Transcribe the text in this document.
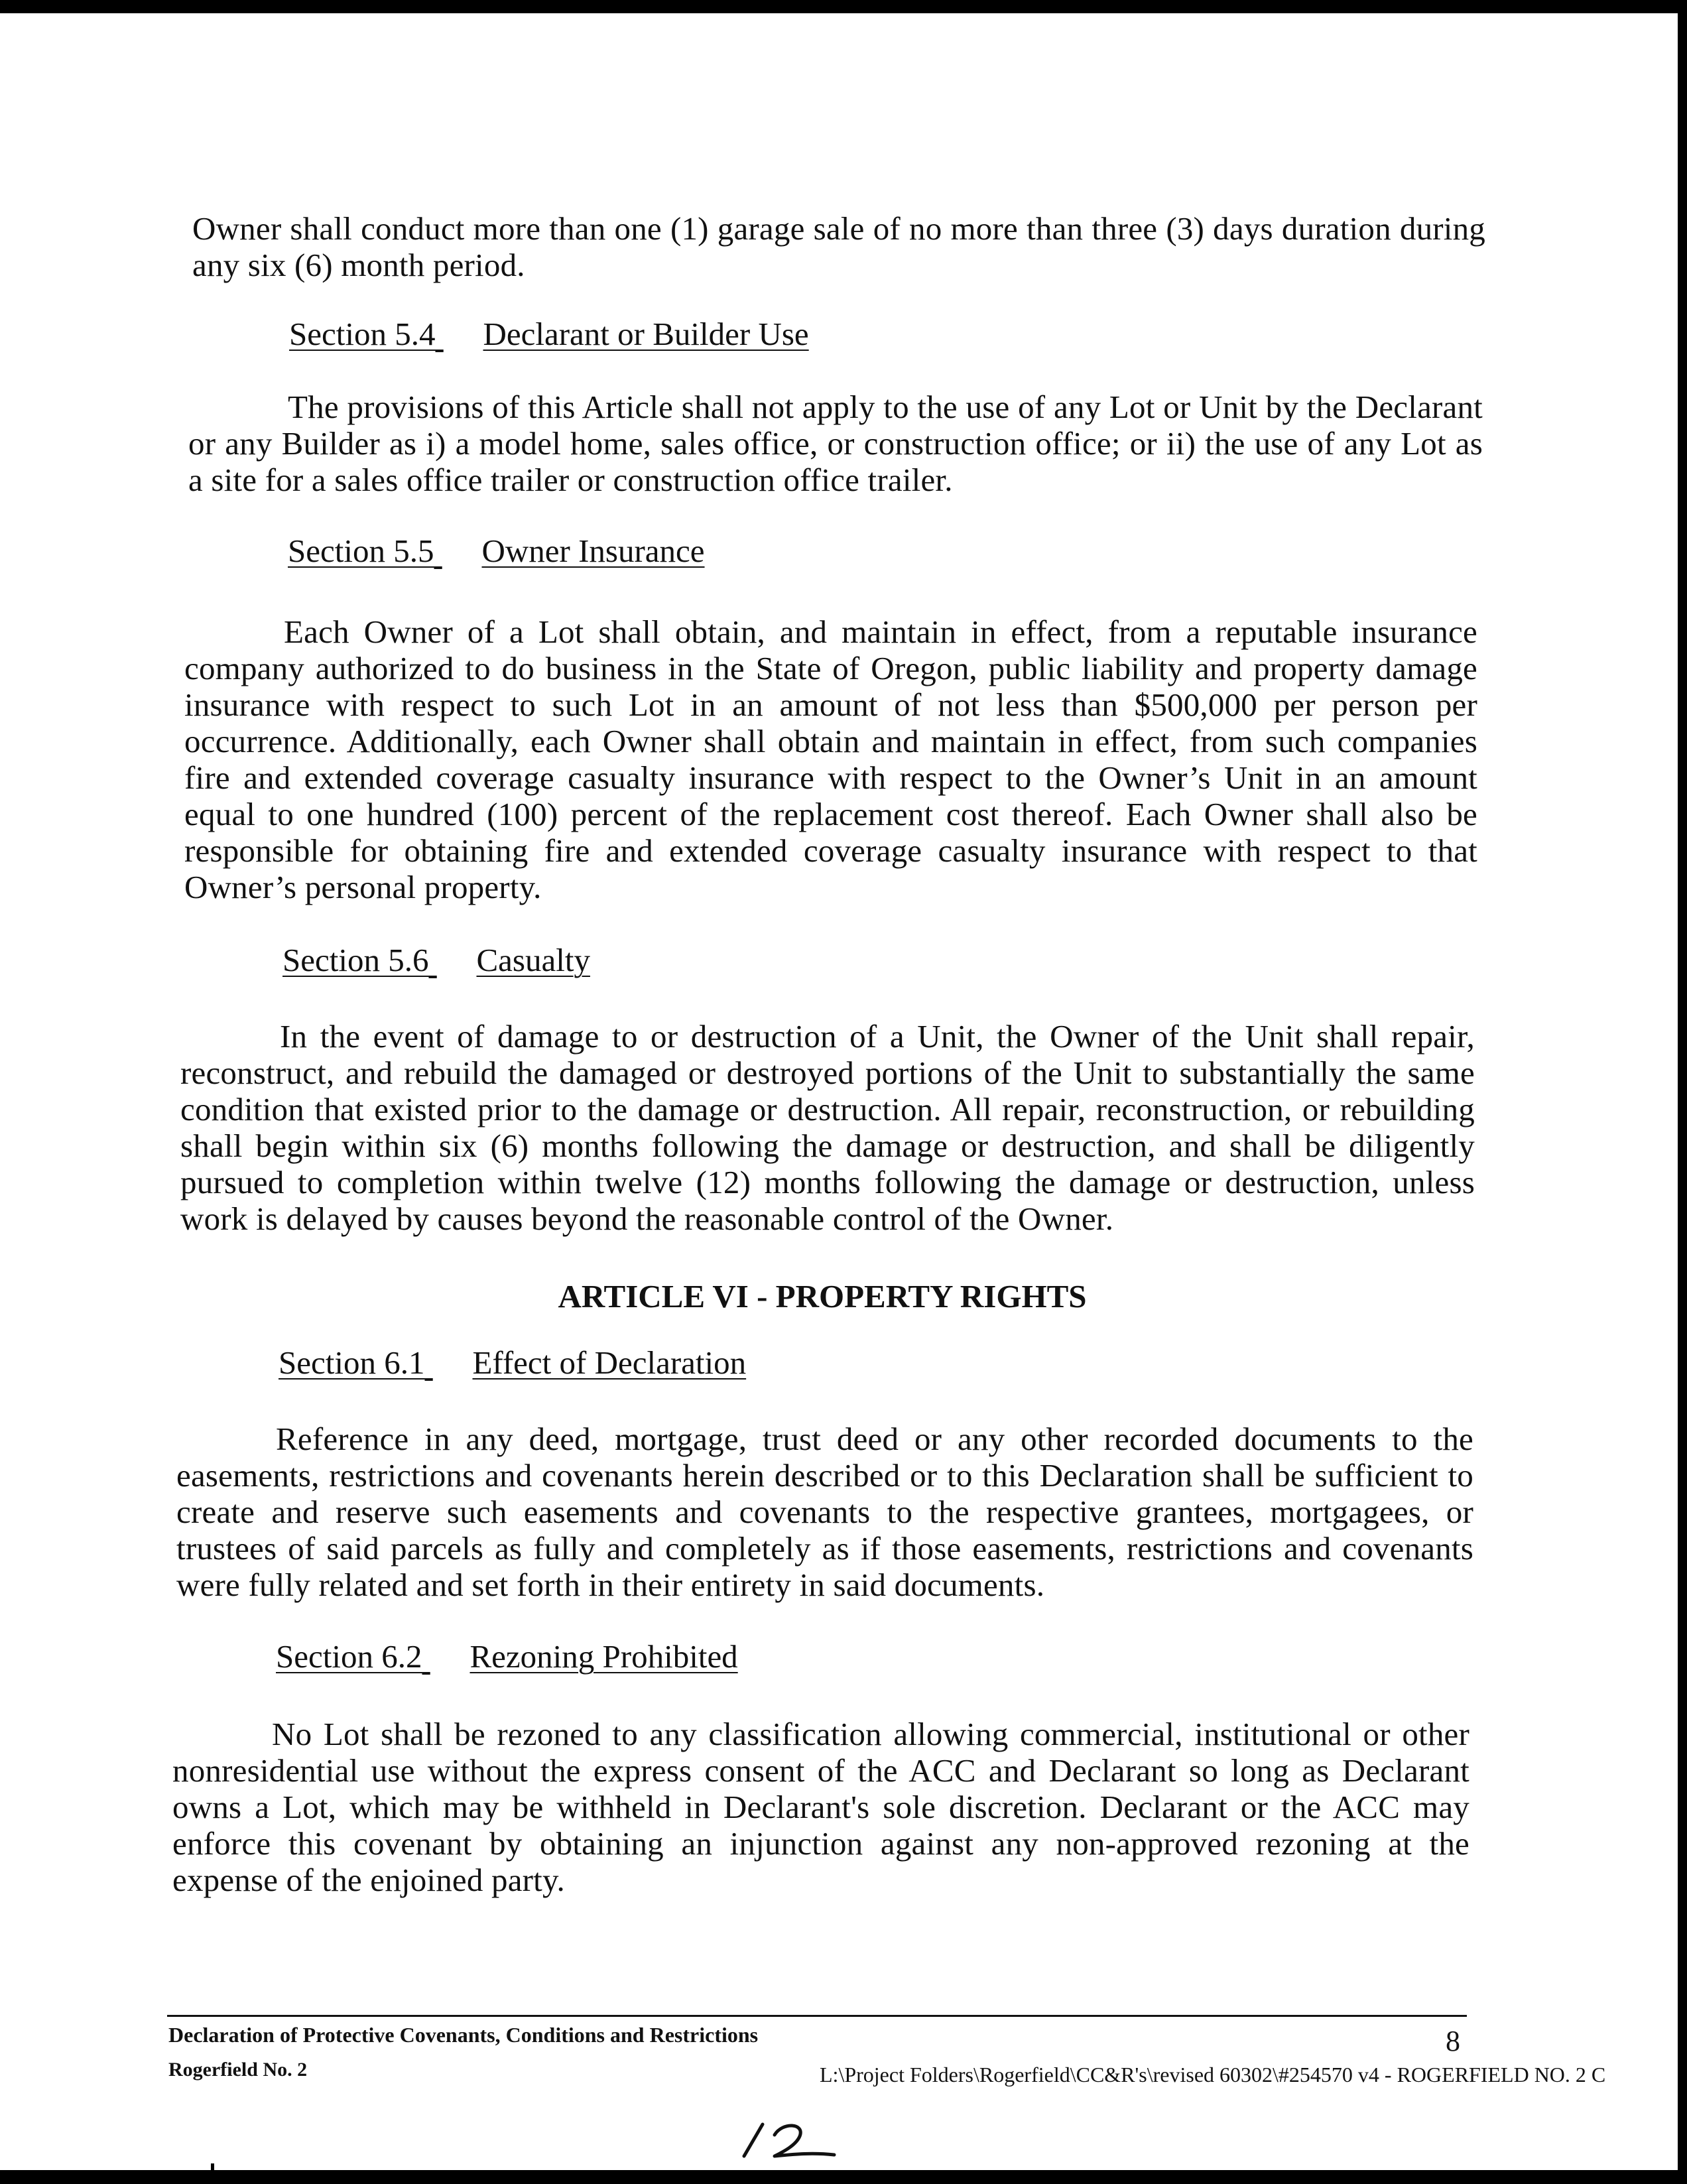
Owner shall conduct more than one (1) garage sale of no more than three (3) days duration during any six (6) month period.

Section 5.4 Declarant or Builder Use

The provisions of this Article shall not apply to the use of any Lot or Unit by the Declarant or any Builder as i) a model home, sales office, or construction office; or ii) the use of any Lot as a site for a sales office trailer or construction office trailer.

Section 5.5 Owner Insurance

Each Owner of a Lot shall obtain, and maintain in effect, from a reputable insurance company authorized to do business in the State of Oregon, public liability and property damage insurance with respect to such Lot in an amount of not less than $500,000 per person per occurrence. Additionally, each Owner shall obtain and maintain in effect, from such companies fire and extended coverage casualty insurance with respect to the Owner’s Unit in an amount equal to one hundred (100) percent of the replacement cost thereof. Each Owner shall also be responsible for obtaining fire and extended coverage casualty insurance with respect to that Owner’s personal property.

Section 5.6 Casualty

In the event of damage to or destruction of a Unit, the Owner of the Unit shall repair, reconstruct, and rebuild the damaged or destroyed portions of the Unit to substantially the same condition that existed prior to the damage or destruction. All repair, reconstruction, or rebuilding shall begin within six (6) months following the damage or destruction, and shall be diligently pursued to completion within twelve (12) months following the damage or destruction, unless work is delayed by causes beyond the reasonable control of the Owner.

ARTICLE VI - PROPERTY RIGHTS
Section 6.1 Effect of Declaration

Reference in any deed, mortgage, trust deed or any other recorded documents to the easements, restrictions and covenants herein described or to this Declaration shall be sufficient to create and reserve such easements and covenants to the respective grantees, mortgagees, or trustees of said parcels as fully and completely as if those easements, restrictions and covenants were fully related and set forth in their entirety in said documents.

Section 6.2 Rezoning Prohibited

No Lot shall be rezoned to any classification allowing commercial, institutional or other nonresidential use without the express consent of the ACC and Declarant so long as Declarant owns a Lot, which may be withheld in Declarant's sole discretion. Declarant or the ACC may enforce this covenant by obtaining an injunction against any non-approved rezoning at the expense of the enjoined party.

Declaration of Protective Covenants, Conditions and Restrictions	8
Rogerfield No. 2	L:\Project Folders\Rogerfield\CC&R's\revised 60302\#254570 v4 - ROGERFIELD NO. 2 C
